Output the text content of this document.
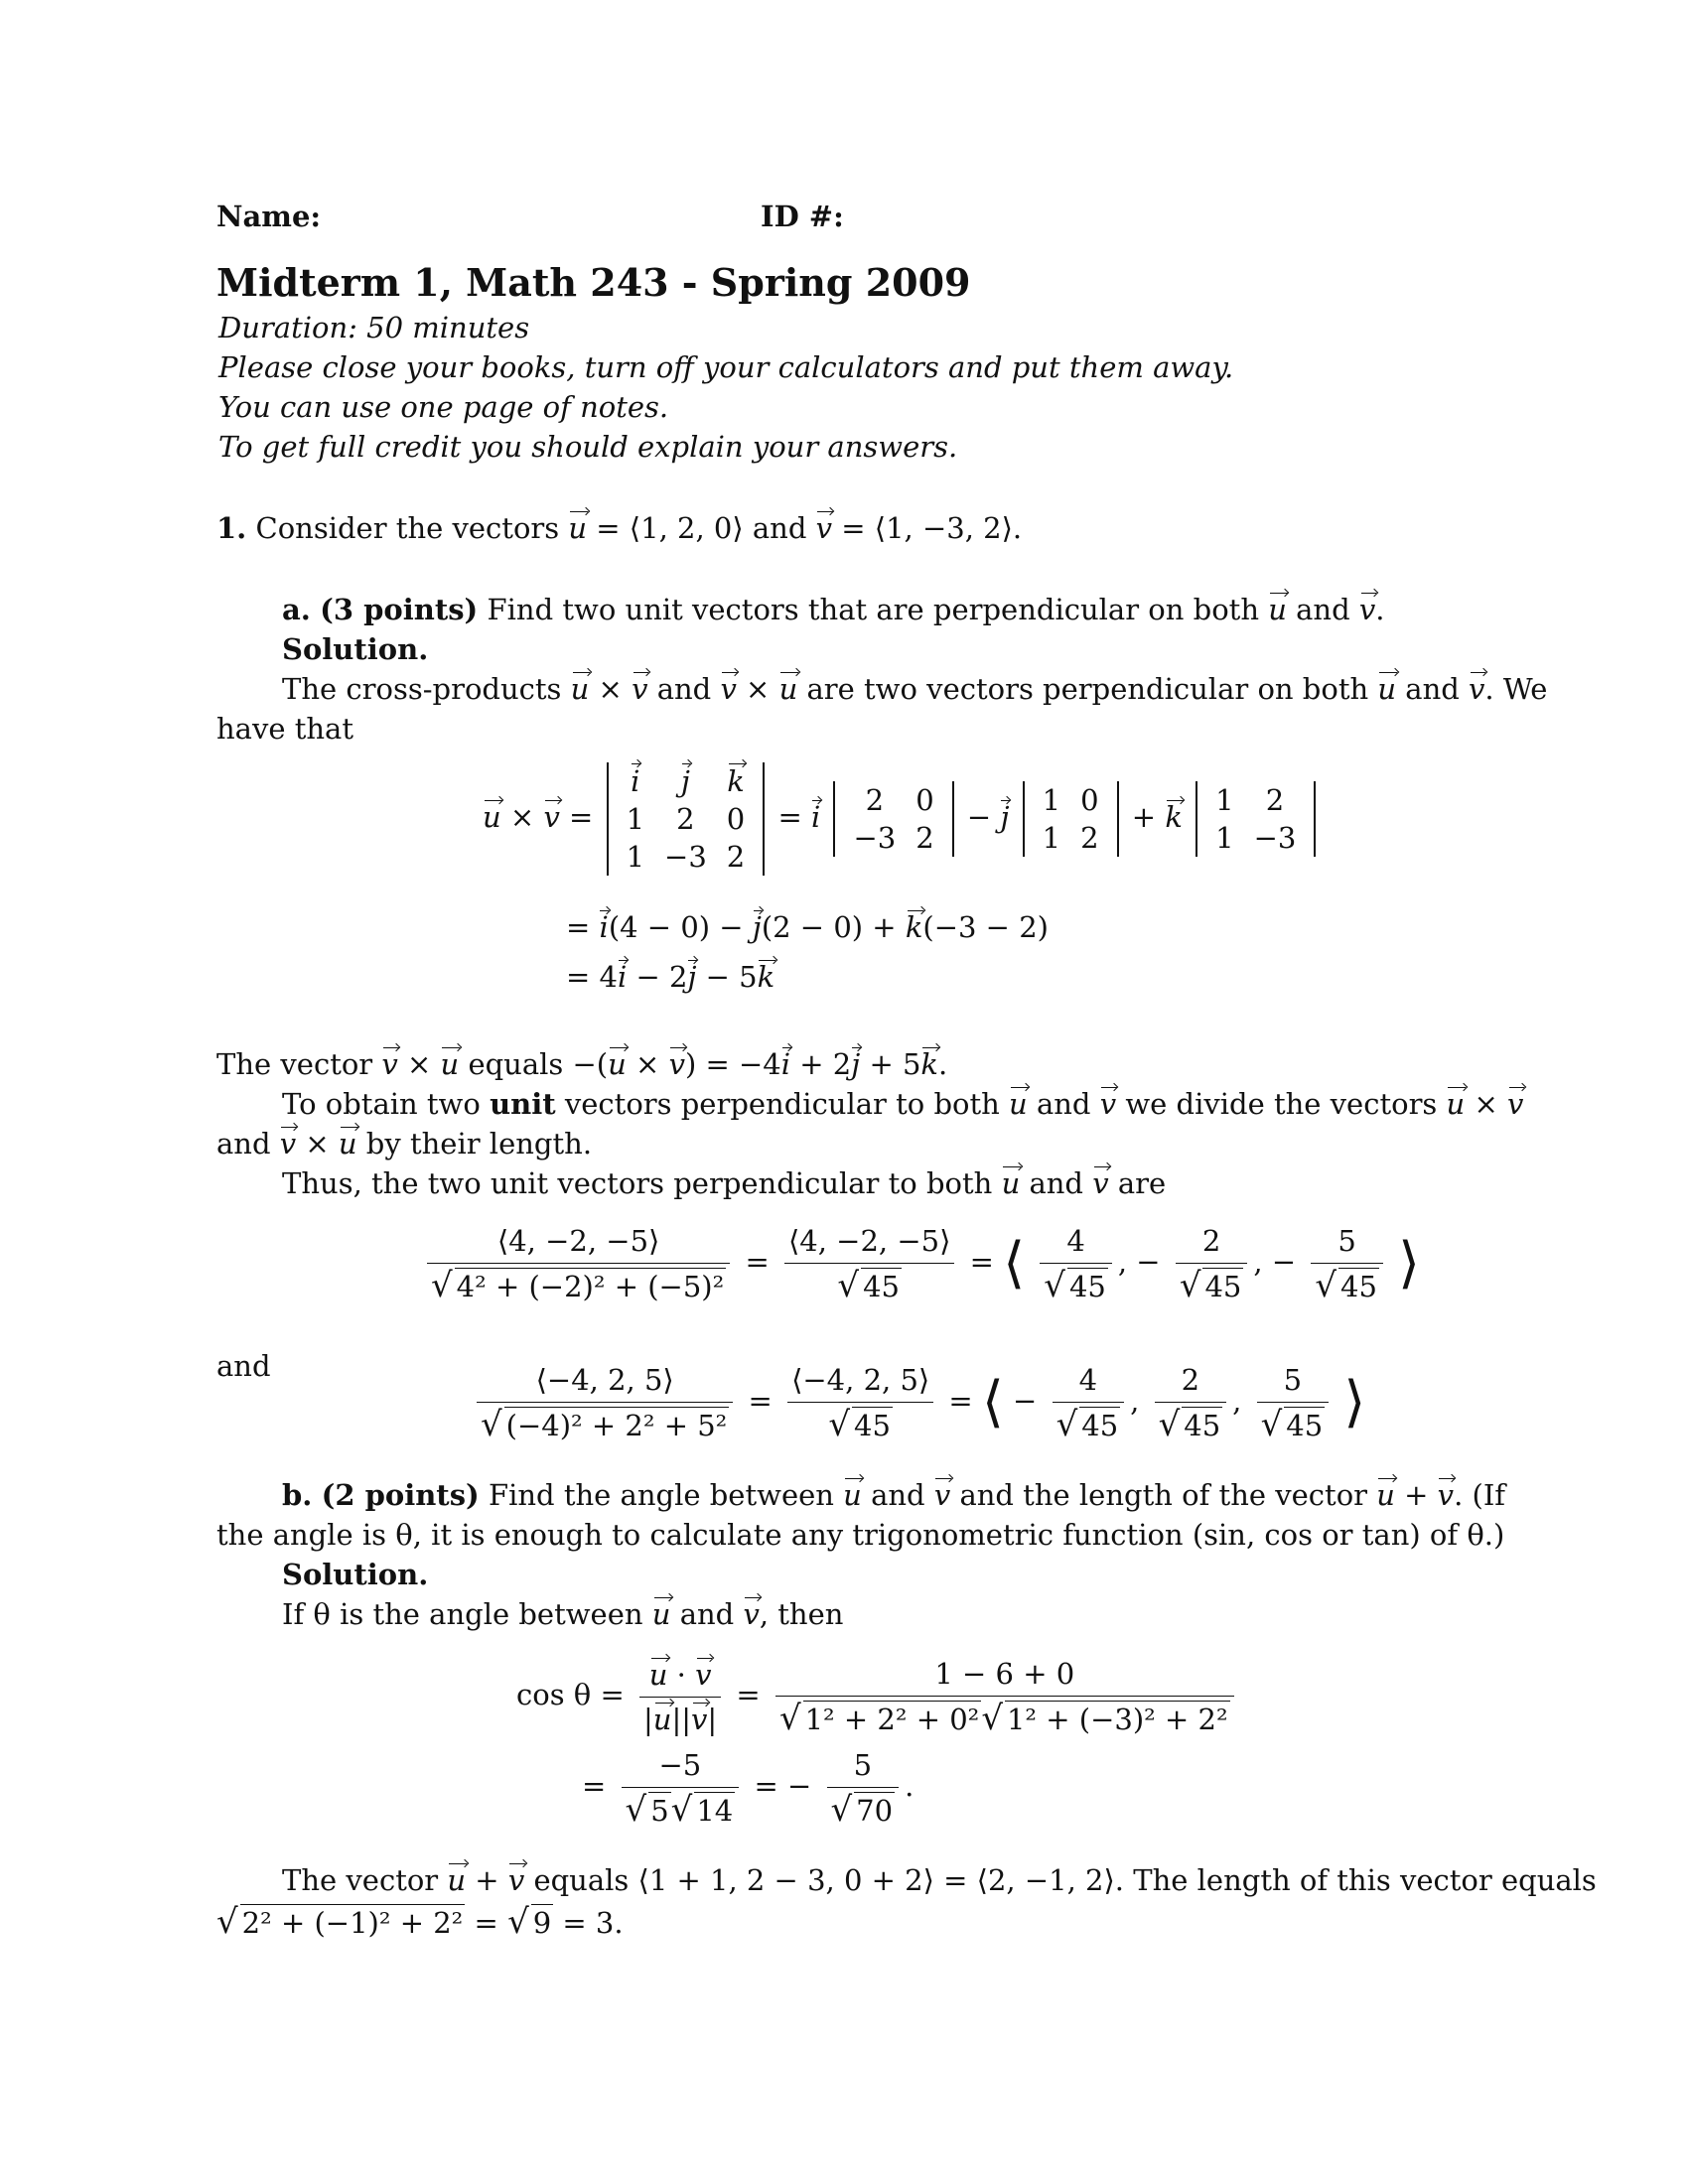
Name:	ID #:
Midterm 1, Math 243 - Spring 2009
Duration: 50 minutes
Please close your books, turn off your calculators and put them away.
You can use one page of notes.
To get full credit you should explain your answers.
1. Consider the vectors u = ⟨1, 2, 0⟩ and v = ⟨1, −3, 2⟩.
a. (3 points) Find two unit vectors that are perpendicular on both u and v.
Solution.
The cross-products u × v and v × u are two vectors perpendicular on both u and v. We
have that
u × v =
i	j	k
1	2	0
1	−3	2
= i 2	0
−3	2
− j 1	0
1	2
+ k 1	2
1	−3
= i(4 − 0) − j(2 − 0) + k(−3 − 2)
= 4i − 2j − 5k
The vector v × u equals −(u × v) = −4i + 2j + 5k.
To obtain two unit vectors perpendicular to both u and v we divide the vectors u × v
and v × u by their length.
Thus, the two unit vectors perpendicular to both u and v are
$\frac{⟨4, -2, -5⟩}{\text{√ 4² + (−2)² + (−5)²}} = \frac{⟨4, -2, -5⟩}{√ 45}$ = ⟨ $\frac{4}{√ 45}$ , − $\frac{2}{√ 45}$ , − $\frac{5}{√ 45}$ ⟩
and	$\frac{⟨-4, 2, 5⟩}{\text{√ (−4)² + 2² + 5²}} = \frac{⟨-4, 2, 5⟩}{√ 45}$ = ⟨ − $\frac{4}{√ 45}$ , $\frac{2}{√ 45}$ , $\frac{5}{√ 45}$ ⟩
b. (2 points) Find the angle between u and v and the length of the vector u + v. (If
the angle is θ, it is enough to calculate any trigonometric function (sin, cos or tan) of θ.)
Solution.
If θ is the angle between u and v, then
$\cos \theta = \frac{u \cdot v}{|u||v|} = \frac{1 - 6 + 0}{\text{√ 1² + 2² + 0²√ 1² + (−3)² + 2²}}$
= $\frac{-5}{√ 5√ 14}$ = − $\frac{5}{√ 70}$ .
The vector u + v equals ⟨1 + 1, 2 − 3, 0 + 2⟩ = ⟨2, −1, 2⟩. The length of this vector equals
√ 2² + (−1)² + 2² = √ 9 = 3.
